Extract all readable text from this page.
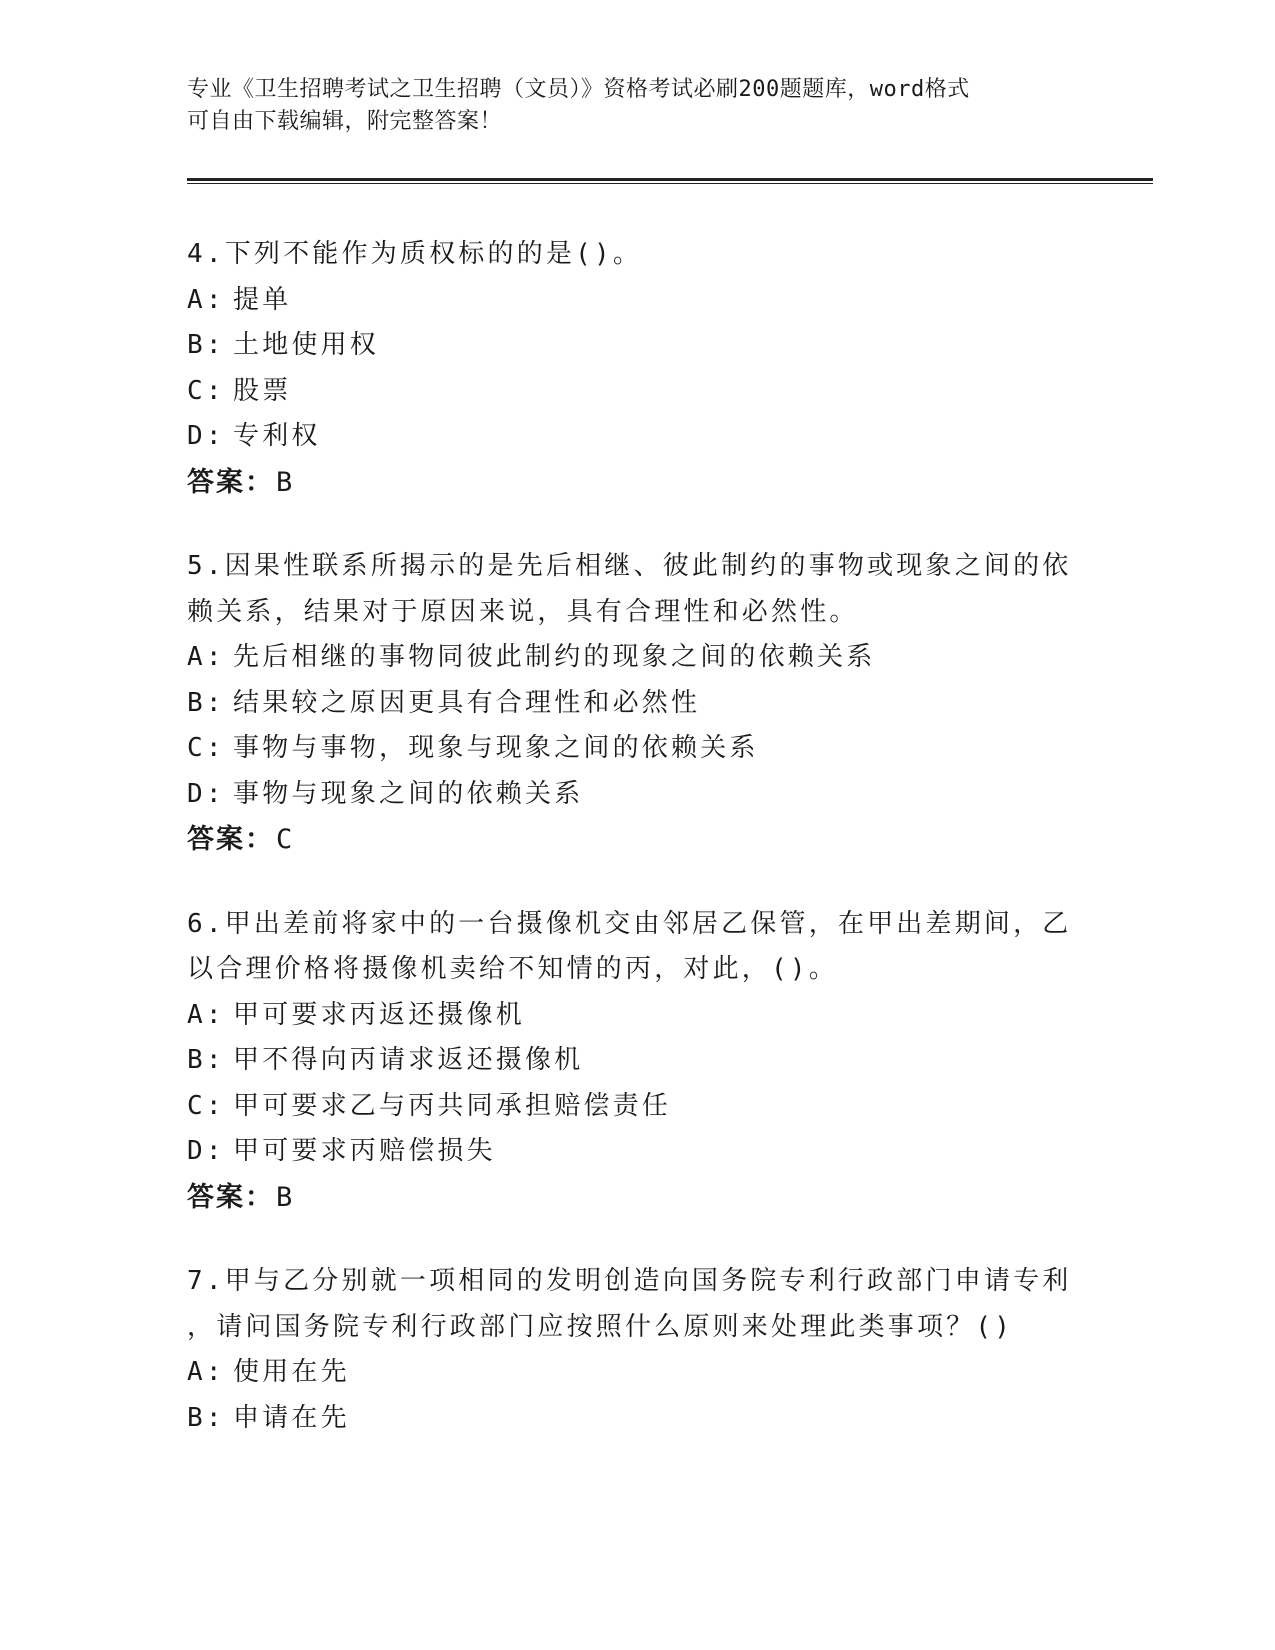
专业《卫生招聘考试之卫生招聘（文员）》资格考试必刷200题题库，word格式
可自由下载编辑，附完整答案！
4.下列不能作为质权标的的是()。
A: 提单
B: 土地使用权
C: 股票
D: 专利权
答案： B
5.因果性联系所揭示的是先后相继、彼此制约的事物或现象之间的依
赖关系，结果对于原因来说，具有合理性和必然性。
A: 先后相继的事物同彼此制约的现象之间的依赖关系
B: 结果较之原因更具有合理性和必然性
C: 事物与事物，现象与现象之间的依赖关系
D: 事物与现象之间的依赖关系
答案： C
6.甲出差前将家中的一台摄像机交由邻居乙保管，在甲出差期间，乙
以合理价格将摄像机卖给不知情的丙，对此，()。
A: 甲可要求丙返还摄像机
B: 甲不得向丙请求返还摄像机
C: 甲可要求乙与丙共同承担赔偿责任
D: 甲可要求丙赔偿损失
答案： B
7.甲与乙分别就一项相同的发明创造向国务院专利行政部门申请专利
，请问国务院专利行政部门应按照什么原则来处理此类事项？()
A: 使用在先
B: 申请在先
